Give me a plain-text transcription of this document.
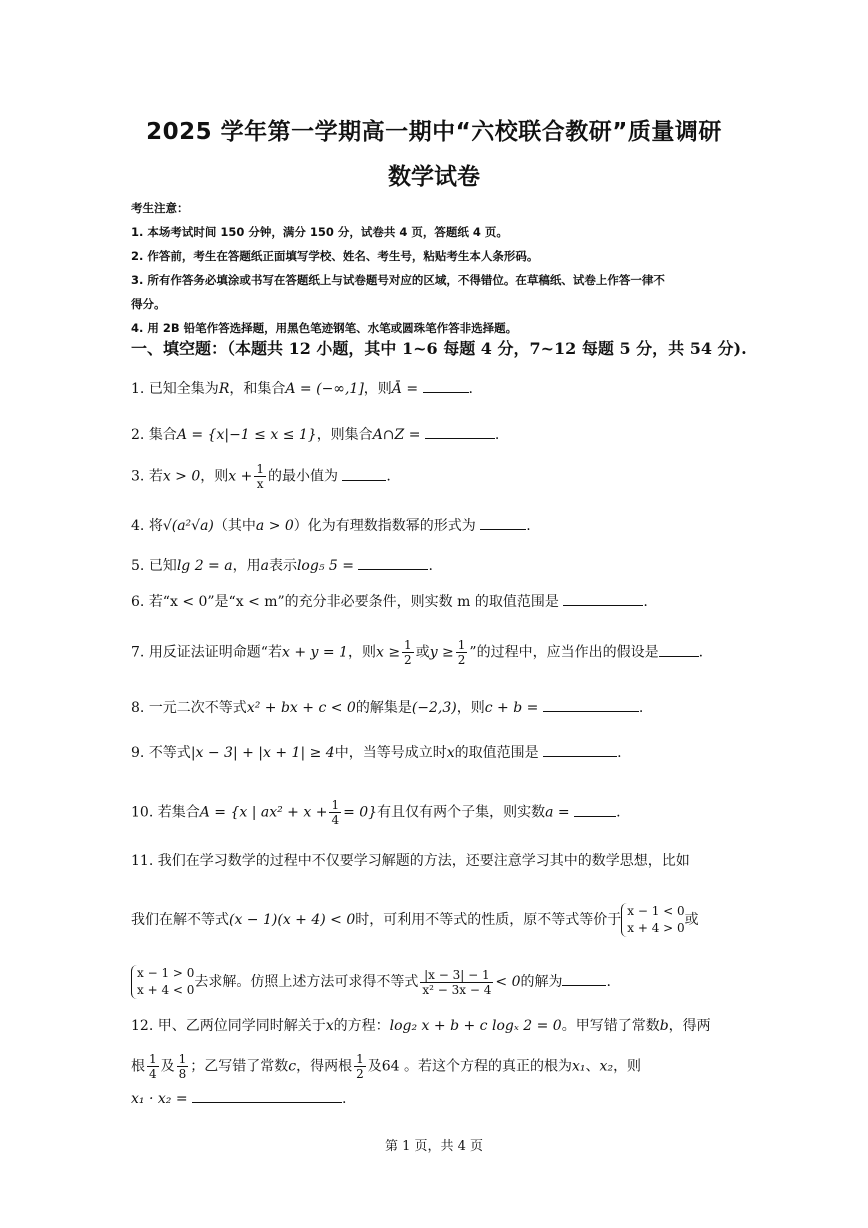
2025 学年第一学期高一期中“六校联合教研”质量调研
数学试卷
考生注意：
1. 本场考试时间 150 分钟，满分 150 分，试卷共 4 页，答题纸 4 页。
2. 作答前，考生在答题纸正面填写学校、姓名、考生号，粘贴考生本人条形码。
3. 所有作答务必填涂或书写在答题纸上与试卷题号对应的区域，不得错位。在草稿纸、试卷上作答一律不
得分。
4. 用 2B 铅笔作答选择题，用黑色笔迹钢笔、水笔或圆珠笔作答非选择题。
一、填空题：（本题共 12 小题，其中 1~6 每题 4 分，7~12 每题 5 分，共 54 分).
1. 已知全集为R，和集合A = (−∞,1]，则Ā =	.
2. 集合A = {x|−1 ≤ x ≤ 1}，则集合A∩Z =	.
3. 若x > 0，则$x + \frac{1}{x}$ 的最小值为	.
4. 将√(a²√a)（其中a > 0）化为有理数指数幂的形式为	.
5. 已知lg 2 = a，用a表示log₅ 5 =	.
6. 若“x < 0”是“x < m”的充分非必要条件，则实数 m 的取值范围是	.
7. 用反证法证明命题“若x + y = 1，则$x \ge \frac{1}{2}$ 或$y \ge \frac{1}{2}$ ”的过程中，应当作出的假设是	.
8. 一元二次不等式x² + bx + c < 0的解集是(−2,3)，则c + b =	.
9. 不等式|x − 3| + |x + 1| ≥ 4中，当等号成立时x的取值范围是	.
10. 若集合A = {x | $ax^2 + x + \frac{1}{4} = 0$}有且仅有两个子集，则实数a =	.
11. 我们在学习数学的过程中不仅要学习解题的方法，还要注意学习其中的数学思想，比如
我们在解不等式(x − 1)(x + 4) < 0时，可利用不等式的性质，原不等式等价于
x − 1 < 0
x + 4 > 0 或
x − 1 > 0
x + 4 < 0 去求解。仿照上述方法可求得不等式 $\frac{|x - 3| - 1}{\text{x² − 3x − 4}} < 0$的解为	.
12. 甲、乙两位同学同时解关于x的方程：log₂ x + b + c logₓ 2 = 0。甲写错了常数b，得两
根 $\frac{1}{4}$ 及 $\frac{1}{8}$ ；乙写错了常数c，得两根 $\frac{1}{2}$ 及64 。若这个方程的真正的根为x₁、x₂，则
x₁ · x₂ =	.
第 1 页，共 4 页
